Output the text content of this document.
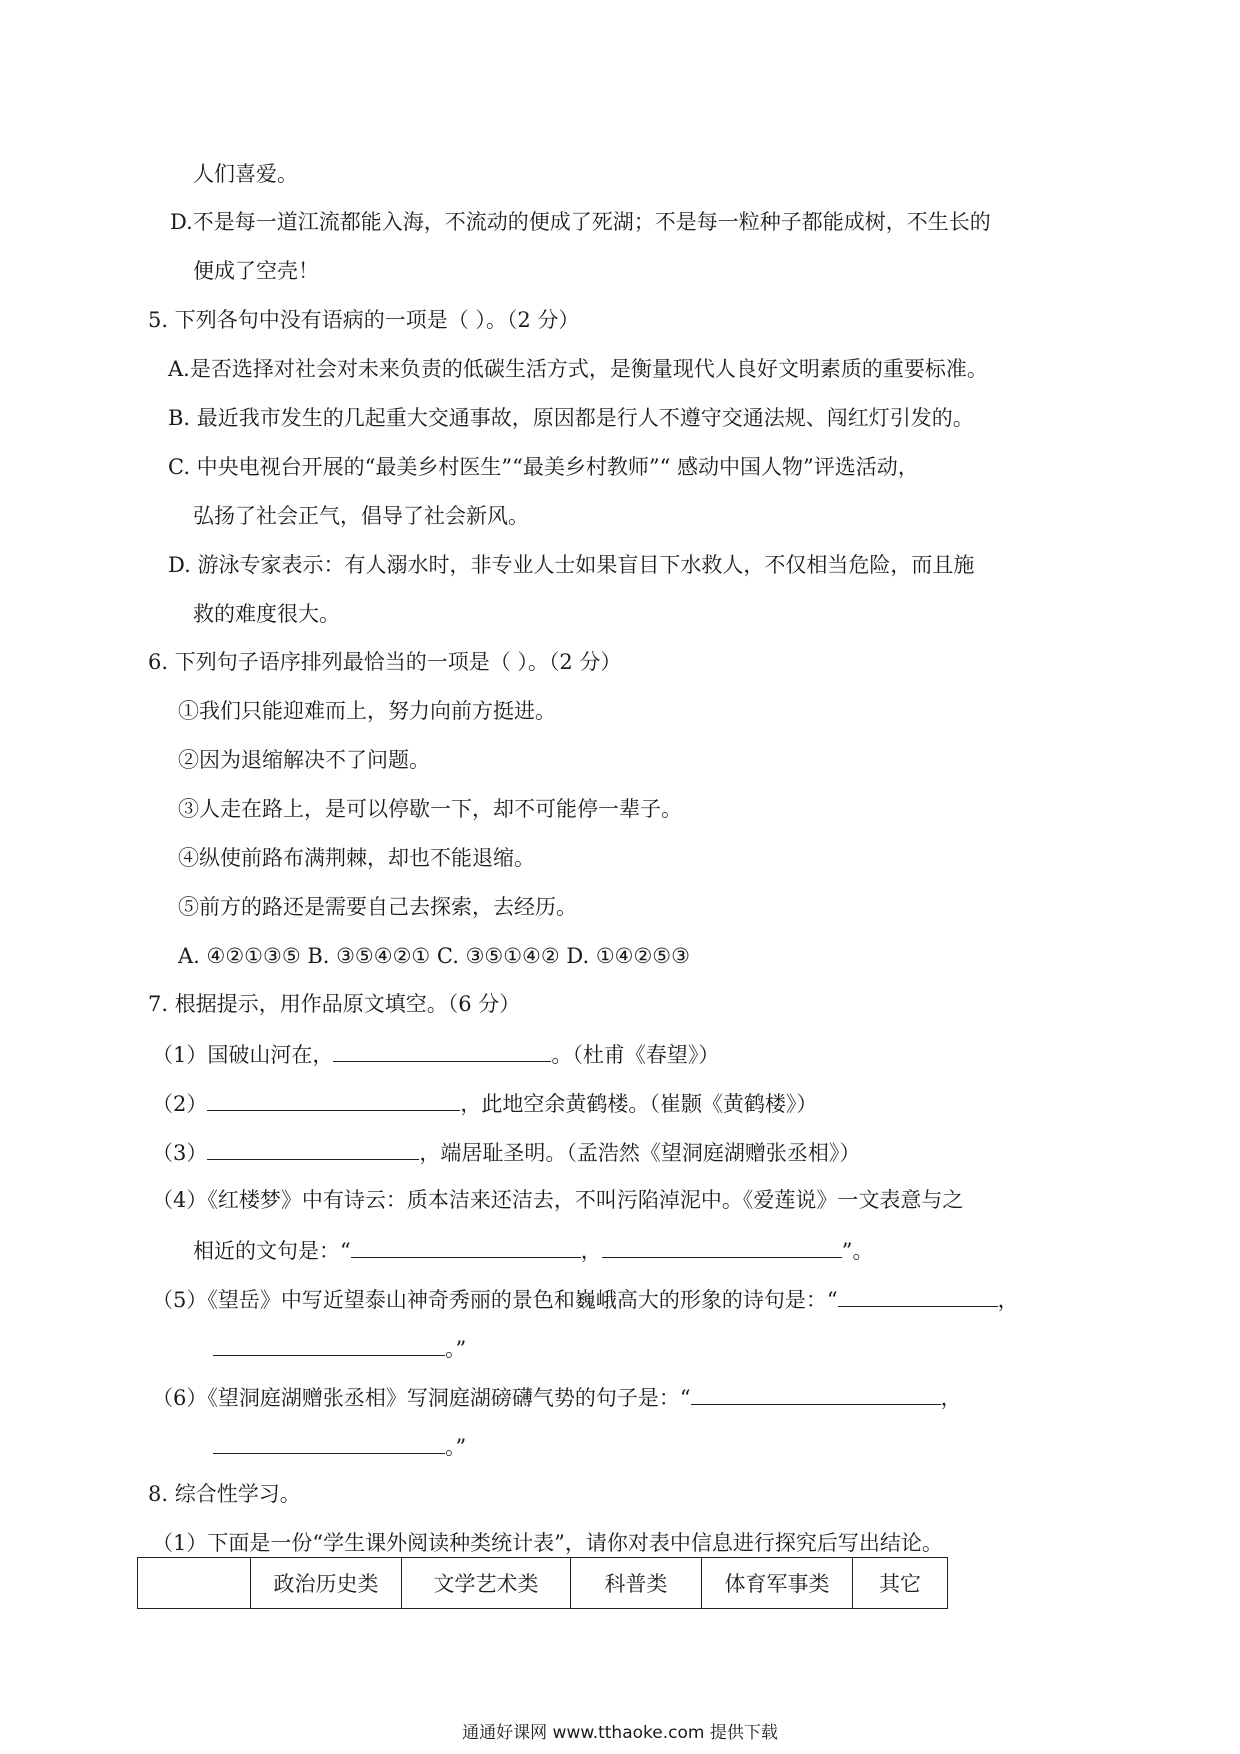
人们喜爱。
D.不是每一道江流都能入海，不流动的便成了死湖；不是每一粒种子都能成树，不生长的
便成了空壳！
5. 下列各句中没有语病的一项是（ ）。（2 分）
A.是否选择对社会对未来负责的低碳生活方式，是衡量现代人良好文明素质的重要标准。
B. 最近我市发生的几起重大交通事故，原因都是行人不遵守交通法规、闯红灯引发的。
C. 中央电视台开展的“最美乡村医生”“最美乡村教师”“ 感动中国人物”评选活动，
弘扬了社会正气，倡导了社会新风。
D. 游泳专家表示：有人溺水时，非专业人士如果盲目下水救人，不仅相当危险，而且施
救的难度很大。
6. 下列句子语序排列最恰当的一项是（ ）。（2 分）
①我们只能迎难而上，努力向前方挺进。
②因为退缩解决不了问题。
③人走在路上，是可以停歇一下，却不可能停一辈子。
④纵使前路布满荆棘，却也不能退缩。
⑤前方的路还是需要自己去探索，去经历。
A. ④②①③⑤ B. ③⑤④②① C. ③⑤①④② D. ①④②⑤③
7. 根据提示，用作品原文填空。（6 分）
（1）国破山河在，	。（杜甫《春望》）
（2）	，此地空余黄鹤楼。（崔颢《黄鹤楼》）
（3）	，端居耻圣明。（孟浩然《望洞庭湖赠张丞相》）
（4）《红楼梦》中有诗云：质本洁来还洁去，不叫污陷淖泥中。《爱莲说》一文表意与之
相近的文句是：“	，	”。
（5）《望岳》中写近望泰山神奇秀丽的景色和巍峨高大的形象的诗句是：“	，
。”
（6）《望洞庭湖赠张丞相》写洞庭湖磅礴气势的句子是：“	，
。”
8. 综合性学习。
（1）下面是一份“学生课外阅读种类统计表”，请你对表中信息进行探究后写出结论。
	政治历史类	文学艺术类	科普类	体育军事类	其它
通通好课网 www.tthaoke.com 提供下载
